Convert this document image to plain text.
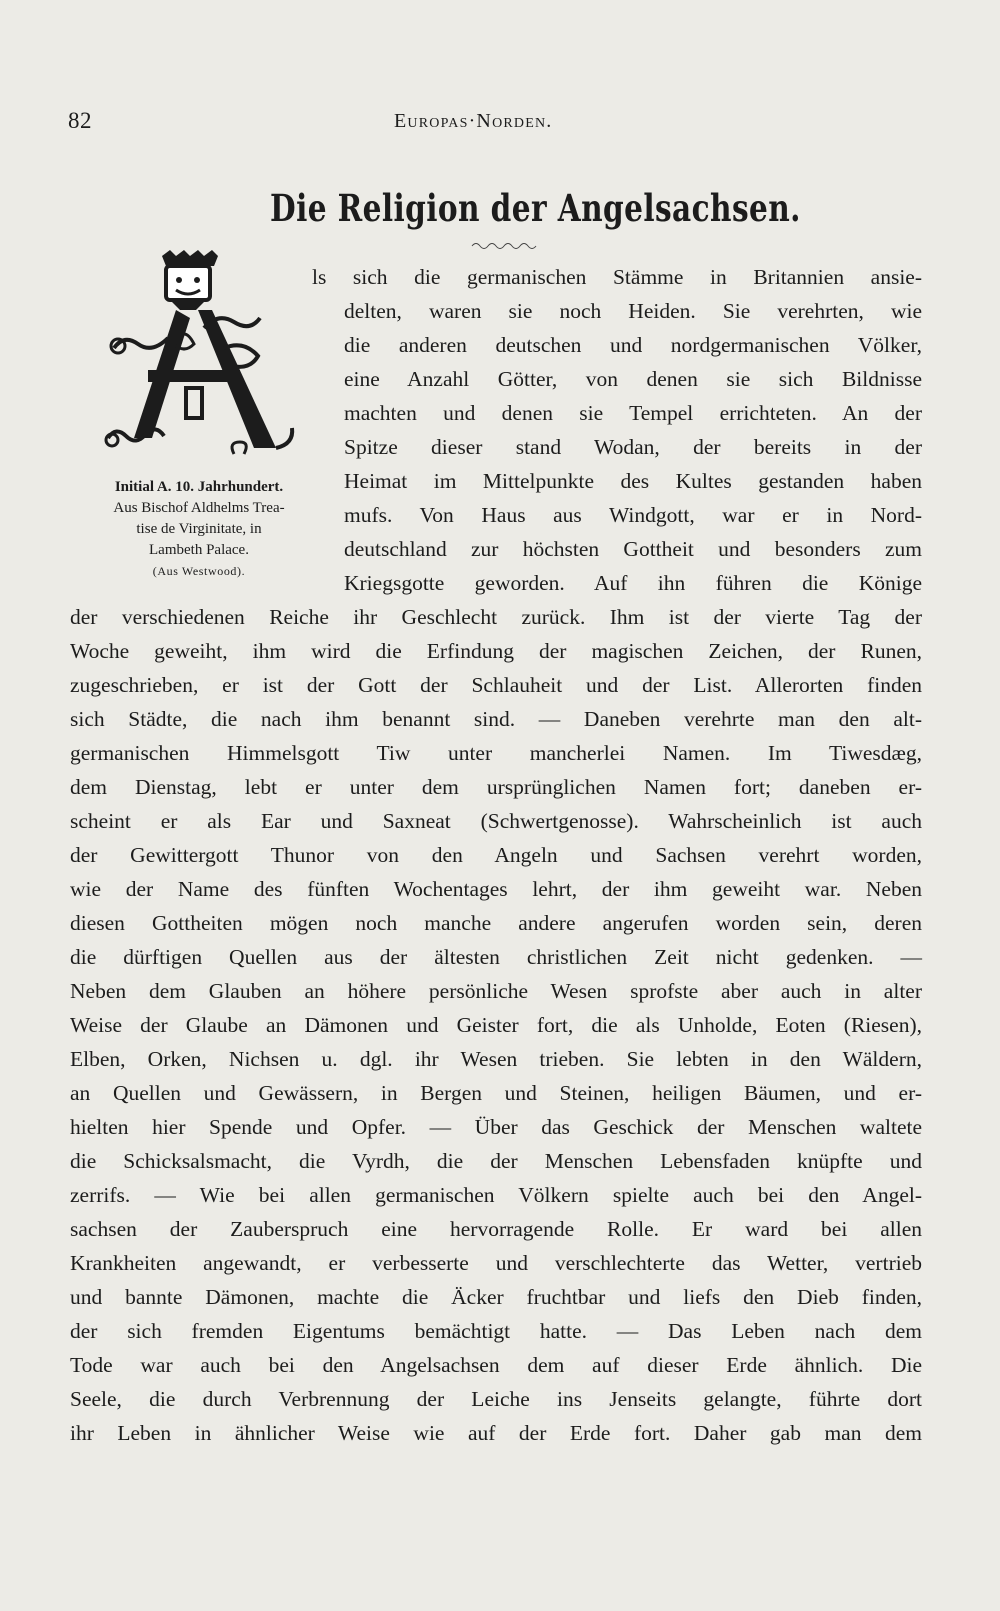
82	Europas·Norden.
Die Religion der Angelsachsen.
Initial A. 10. Jahrhundert.
Aus Bischof Aldhelms Trea-
tise de Virginitate, in
Lambeth Palace.
(Aus Westwood).
ls sich die germanischen Stämme in Britannien ansie-
delten, waren sie noch Heiden. Sie verehrten, wie
die anderen deutschen und nordgermanischen Völker,
eine Anzahl Götter, von denen sie sich Bildnisse
machten und denen sie Tempel errichteten. An der
Spitze dieser stand Wodan, der bereits in der
Heimat im Mittelpunkte des Kultes gestanden haben
mufs. Von Haus aus Windgott, war er in Nord-
deutschland zur höchsten Gottheit und besonders zum
Kriegsgotte geworden. Auf ihn führen die Könige
der verschiedenen Reiche ihr Geschlecht zurück. Ihm ist der vierte Tag der
Woche geweiht, ihm wird die Erfindung der magischen Zeichen, der Runen,
zugeschrieben, er ist der Gott der Schlauheit und der List. Allerorten finden
sich Städte, die nach ihm benannt sind. — Daneben verehrte man den alt-
germanischen Himmelsgott Tiw unter mancherlei Namen. Im Tiwesdæg,
dem Dienstag, lebt er unter dem ursprünglichen Namen fort; daneben er-
scheint er als Ear und Saxneat (Schwertgenosse). Wahrscheinlich ist auch
der Gewittergott Thunor von den Angeln und Sachsen verehrt worden,
wie der Name des fünften Wochentages lehrt, der ihm geweiht war. Neben
diesen Gottheiten mögen noch manche andere angerufen worden sein, deren
die dürftigen Quellen aus der ältesten christlichen Zeit nicht gedenken. —
Neben dem Glauben an höhere persönliche Wesen sprofste aber auch in alter
Weise der Glaube an Dämonen und Geister fort, die als Unholde, Eoten (Riesen),
Elben, Orken, Nichsen u. dgl. ihr Wesen trieben. Sie lebten in den Wäldern,
an Quellen und Gewässern, in Bergen und Steinen, heiligen Bäumen, und er-
hielten hier Spende und Opfer. — Über das Geschick der Menschen waltete
die Schicksalsmacht, die Vyrdh, die der Menschen Lebensfaden knüpfte und
zerrifs. — Wie bei allen germanischen Völkern spielte auch bei den Angel-
sachsen der Zauberspruch eine hervorragende Rolle. Er ward bei allen
Krankheiten angewandt, er verbesserte und verschlechterte das Wetter, vertrieb
und bannte Dämonen, machte die Äcker fruchtbar und liefs den Dieb finden,
der sich fremden Eigentums bemächtigt hatte. — Das Leben nach dem
Tode war auch bei den Angelsachsen dem auf dieser Erde ähnlich. Die
Seele, die durch Verbrennung der Leiche ins Jenseits gelangte, führte dort
ihr Leben in ähnlicher Weise wie auf der Erde fort. Daher gab man dem
